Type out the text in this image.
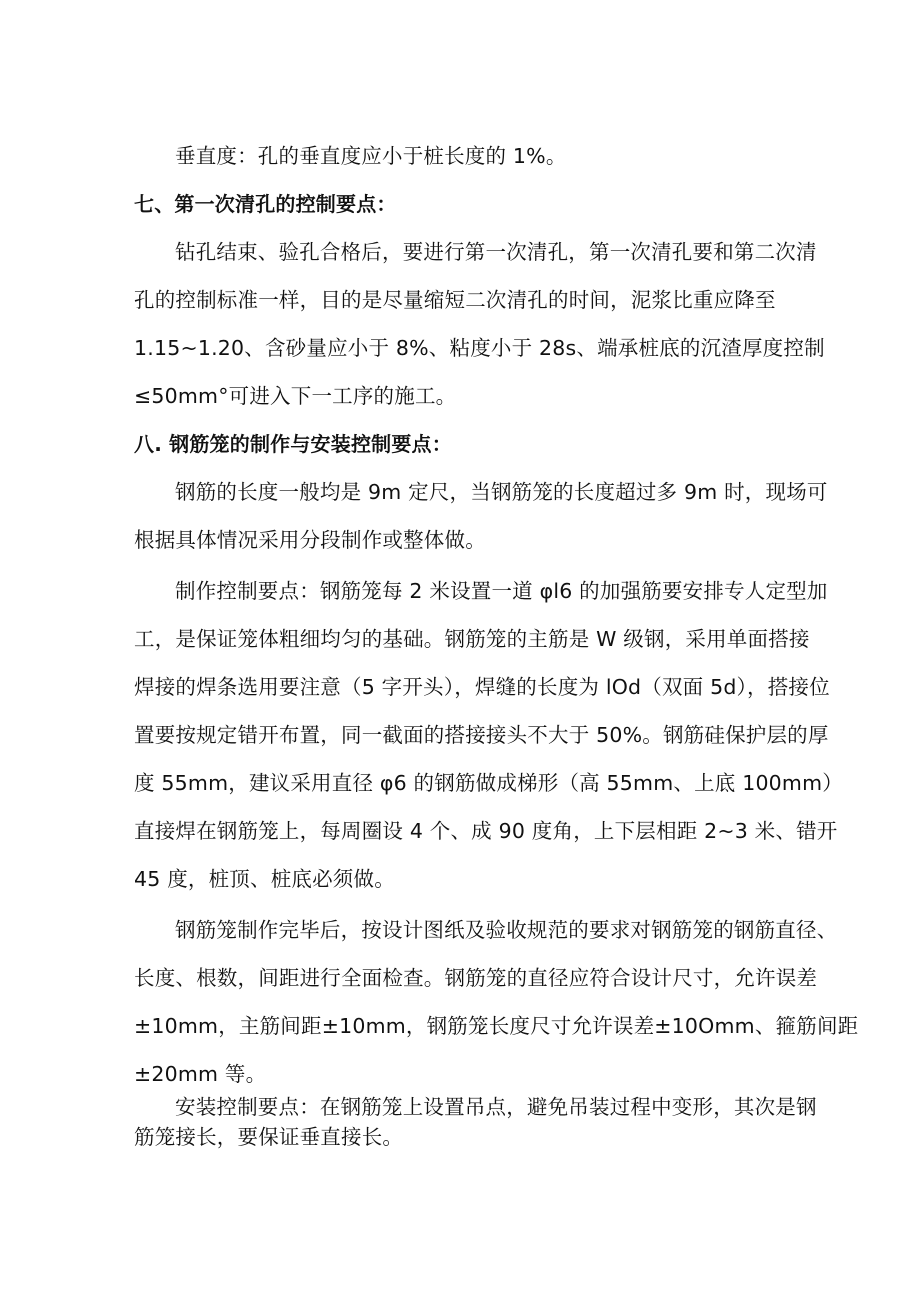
垂直度：孔的垂直度应小于桩长度的 1%。
七、第一次清孔的控制要点：
钻孔结束、验孔合格后，要进行第一次清孔，第一次清孔要和第二次清
孔的控制标准一样，目的是尽量缩短二次清孔的时间，泥浆比重应降至
1.15~1.20、含砂量应小于 8%、粘度小于 28s、端承桩底的沉渣厚度控制
≤50mm°可进入下一工序的施工。
八. 钢筋笼的制作与安装控制要点：
钢筋的长度一般均是 9m 定尺，当钢筋笼的长度超过多 9m 时，现场可
根据具体情况采用分段制作或整体做。
制作控制要点：钢筋笼每 2 米设置一道 φl6 的加强筋要安排专人定型加
工，是保证笼体粗细均匀的基础。钢筋笼的主筋是 W 级钢，采用单面搭接
焊接的焊条选用要注意（5 字开头），焊缝的长度为 lOd（双面 5d），搭接位
置要按规定错开布置，同一截面的搭接接头不大于 50%。钢筋硅保护层的厚
度 55mm，建议采用直径 φ6 的钢筋做成梯形（高 55mm、上底 100mm）
直接焊在钢筋笼上，每周圈设 4 个、成 90 度角，上下层相距 2~3 米、错开
45 度，桩顶、桩底必须做。
钢筋笼制作完毕后，按设计图纸及验收规范的要求对钢筋笼的钢筋直径、
长度、根数，间距进行全面检查。钢筋笼的直径应符合设计尺寸，允许误差
±10mm，主筋间距±10mm，钢筋笼长度尺寸允许误差±10Omm、箍筋间距
±20mm 等。
安装控制要点：在钢筋笼上设置吊点，避免吊装过程中变形，其次是钢
筋笼接长，要保证垂直接长。
